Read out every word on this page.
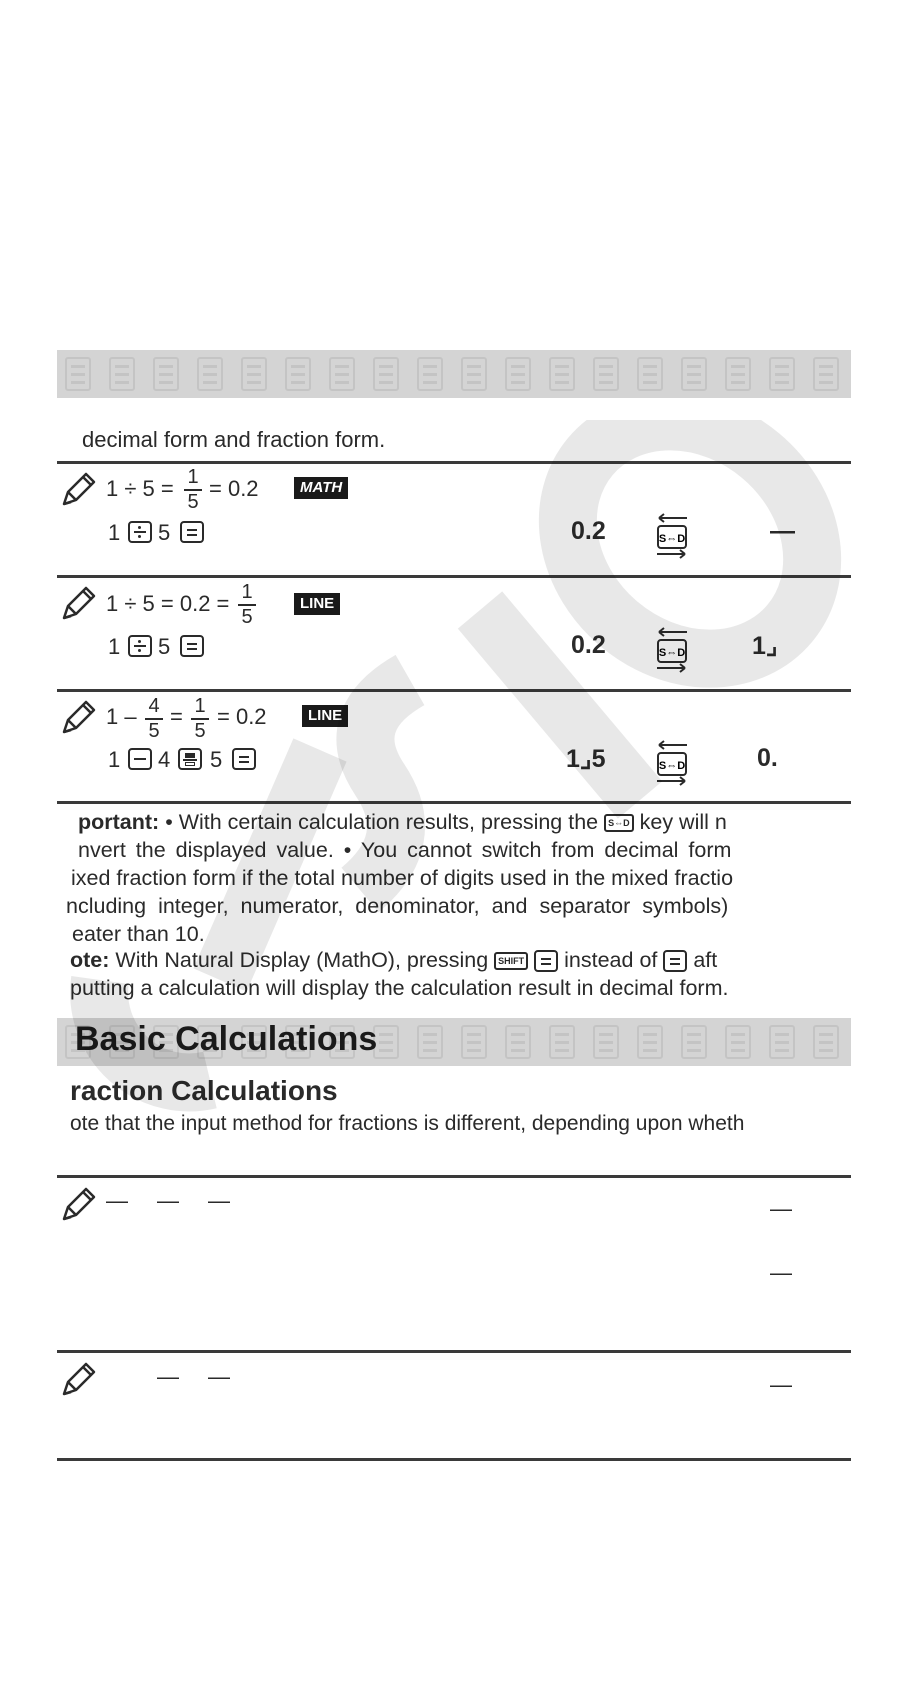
decimal form and fraction form.
1 ÷ 5 = 1
5
= 0.2	MATH
1 5	0.2	S⇔D	—
1 ÷ 5 = 0.2 = 1
5
LINE
1 5	0.2	S⇔D	1⌟
1 – 4
5
= 1
5
= 0.2	LINE
1 4 5	1⌟5	S⇔D	0.
portant: • With certain calculation results, pressing the S⇔D key will n
nvert the displayed value. • You cannot switch from decimal form
ixed fraction form if the total number of digits used in the mixed fractio
ncluding integer, numerator, denominator, and separator symbols)
eater than 10.
ote: With Natural Display (MathO), pressing SHIFT instead of aft
putting a calculation will display the calculation result in decimal form.
Basic Calculations
raction Calculations
ote that the input method for fractions is different, depending upon wheth
— — —	—
—
— —	—
